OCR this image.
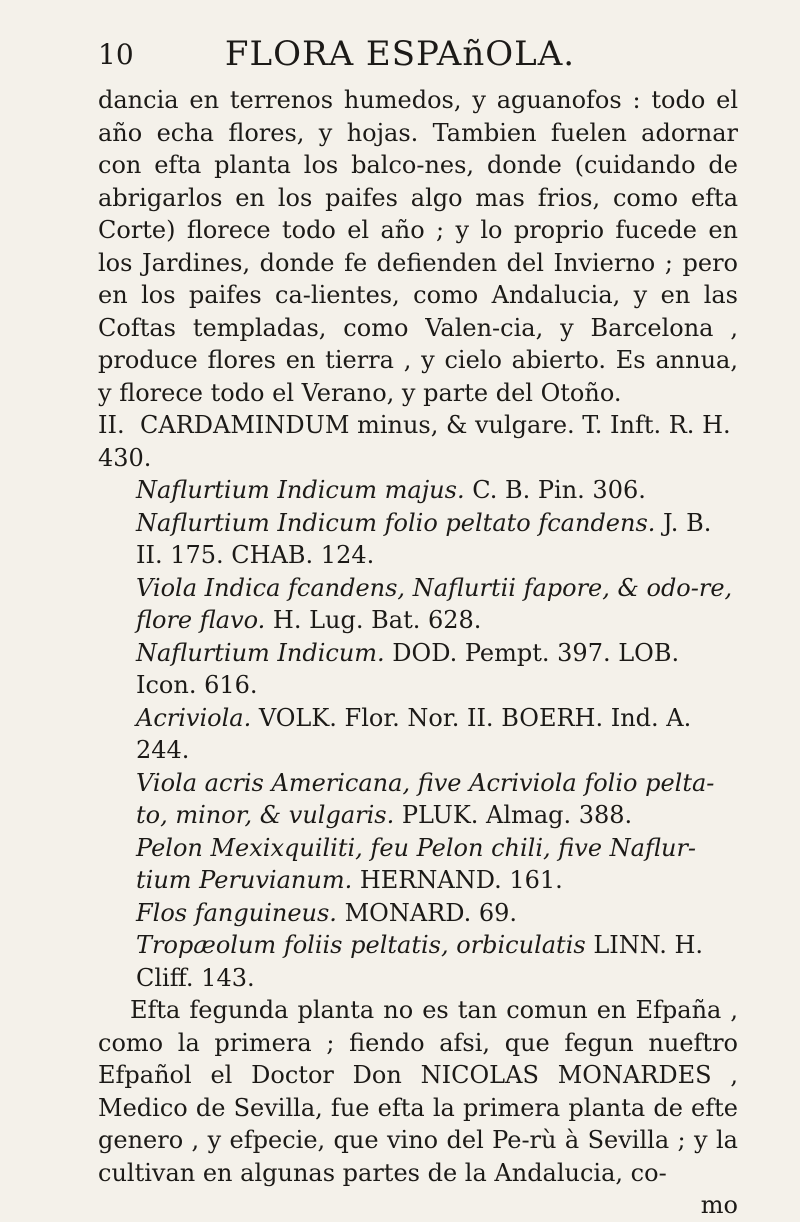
10	FLORA ESPAñOLA.

dancia en terrenos humedos, y aguanofos : todo el año echa flores, y hojas. Tambien fuelen adornar con efta planta los balco-nes, donde (cuidando de abrigarlos en los paifes algo mas frios, como efta Corte) florece todo el año ; y lo proprio fucede en los Jardines, donde fe defienden del Invierno ; pero en los paifes ca-lientes, como Andalucia, y en las Coftas templadas, como Valen-cia, y Barcelona , produce flores en tierra , y cielo abierto. Es annua, y florece todo el Verano, y parte del Otoño.

II. CARDAMINDUM minus, & vulgare. T. Inft. R. H. 430.

Naflurtium Indicum majus. C. B. Pin. 306.

Naflurtium Indicum folio peltato fcandens. J. B. II. 175. CHAB. 124.

Viola Indica fcandens, Naflurtii fapore, & odo-re, flore flavo. H. Lug. Bat. 628.

Naflurtium Indicum. DOD. Pempt. 397. LOB. Icon. 616.

Acriviola. VOLK. Flor. Nor. II. BOERH. Ind. A. 244.

Viola acris Americana, five Acriviola folio pelta-to, minor, & vulgaris. PLUK. Almag. 388.

Pelon Mexixquiliti, feu Pelon chili, five Naflur-tium Peruvianum. HERNAND. 161.

Flos fanguineus. MONARD. 69.

Tropæolum foliis peltatis, orbiculatis LINN. H. Cliff. 143.

Efta fegunda planta no es tan comun en Efpaña , como la primera ; fiendo afsi, que fegun nueftro Efpañol el Doctor Don NICOLAS MONARDES , Medico de Sevilla, fue efta la primera planta de efte genero , y efpecie, que vino del Pe-rù à Sevilla ; y la cultivan en algunas partes de la Andalucia, co-

mo
